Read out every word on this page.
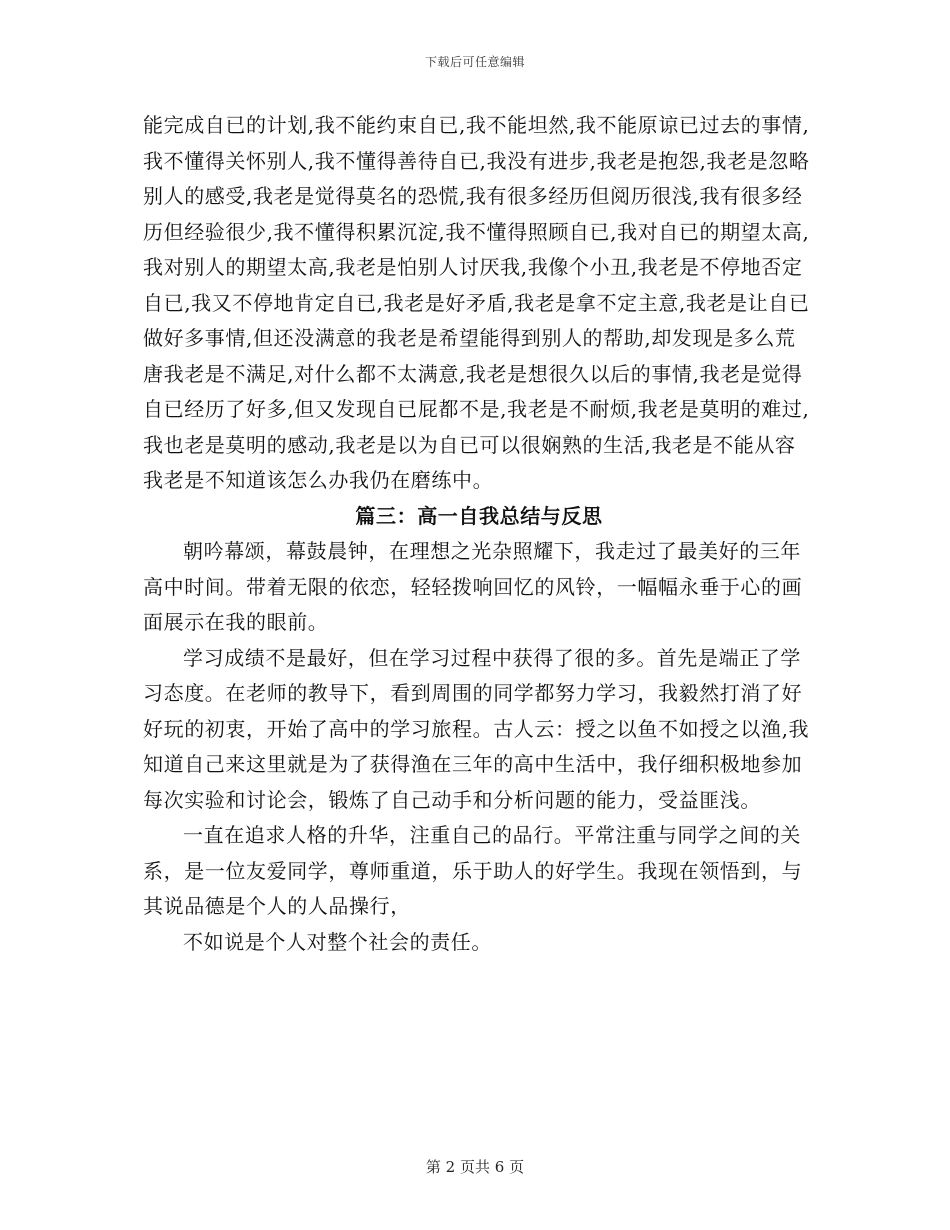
下载后可任意编辑

能完成自已的计划,我不能约束自已,我不能坦然,我不能原谅已过去的事情,我不懂得关怀别人,我不懂得善待自已,我没有进步,我老是抱怨,我老是忽略别人的感受,我老是觉得莫名的恐慌,我有很多经历但阅历很浅,我有很多经历但经验很少,我不懂得积累沉淀,我不懂得照顾自已,我对自已的期望太高,我对别人的期望太高,我老是怕别人讨厌我,我像个小丑,我老是不停地否定自已,我又不停地肯定自已,我老是好矛盾,我老是拿不定主意,我老是让自已做好多事情,但还没满意的我老是希望能得到别人的帮助,却发现是多么荒唐我老是不满足,对什么都不太满意,我老是想很久以后的事情,我老是觉得自已经历了好多,但又发现自已屁都不是,我老是不耐烦,我老是莫明的难过,我也老是莫明的感动,我老是以为自已可以很娴熟的生活,我老是不能从容我老是不知道该怎么办我仍在磨练中。

篇三：高一自我总结与反思

朝吟幕颂，幕鼓晨钟，在理想之光杂照耀下，我走过了最美好的三年高中时间。带着无限的依恋，轻轻拨响回忆的风铃，一幅幅永垂于心的画面展示在我的眼前。

学习成绩不是最好，但在学习过程中获得了很的多。首先是端正了学习态度。在老师的教导下，看到周围的同学都努力学习，我毅然打消了好好玩的初衷，开始了高中的学习旅程。古人云：授之以鱼不如授之以渔,我知道自己来这里就是为了获得渔在三年的高中生活中，我仔细积极地参加每次实验和讨论会，锻炼了自己动手和分析问题的能力，受益匪浅。

一直在追求人格的升华，注重自己的品行。平常注重与同学之间的关系，是一位友爱同学，尊师重道，乐于助人的好学生。我现在领悟到，与其说品德是个人的人品操行，

不如说是个人对整个社会的责任。

第 2 页共 6 页
